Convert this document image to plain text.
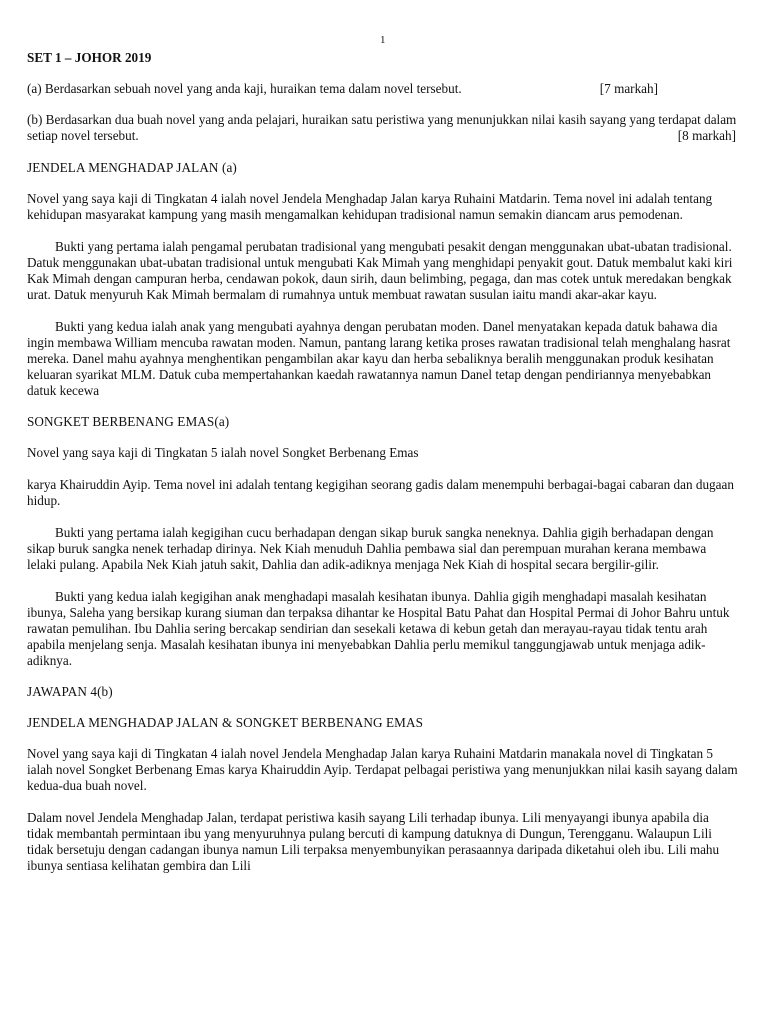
1
SET 1 – JOHOR 2019
(a) Berdasarkan sebuah novel yang anda kaji, huraikan tema dalam novel tersebut.	[7 markah]
(b) Berdasarkan dua buah novel yang anda pelajari, huraikan satu peristiwa yang menunjukkan nilai kasih sayang yang terdapat dalam setiap novel tersebut.	[8 markah]
JENDELA MENGHADAP JALAN (a)

Novel yang saya kaji di Tingkatan 4 ialah novel Jendela Menghadap Jalan karya Ruhaini Matdarin. Tema novel ini adalah tentang kehidupan masyarakat kampung yang masih mengamalkan kehidupan tradisional namun semakin diancam arus pemodenan.

Bukti yang pertama ialah pengamal perubatan tradisional yang mengubati pesakit dengan menggunakan ubat-ubatan tradisional. Datuk menggunakan ubat-ubatan tradisional untuk mengubati Kak Mimah yang menghidapi penyakit gout. Datuk membalut kaki kiri Kak Mimah dengan campuran herba, cendawan pokok, daun sirih, daun belimbing, pegaga, dan mas cotek untuk meredakan bengkak urat. Datuk menyuruh Kak Mimah bermalam di rumahnya untuk membuat rawatan susulan iaitu mandi akar-akar kayu.

Bukti yang kedua ialah anak yang mengubati ayahnya dengan perubatan moden. Danel menyatakan kepada datuk bahawa dia ingin membawa William mencuba rawatan moden. Namun, pantang larang ketika proses rawatan tradisional telah menghalang hasrat mereka. Danel mahu ayahnya menghentikan pengambilan akar kayu dan herba sebaliknya beralih menggunakan produk kesihatan keluaran syarikat MLM. Datuk cuba mempertahankan kaedah rawatannya namun Danel tetap dengan pendiriannya menyebabkan datuk kecewa

SONGKET BERBENANG EMAS(a)

Novel yang saya kaji di Tingkatan 5 ialah novel Songket Berbenang Emas

karya Khairuddin Ayip. Tema novel ini adalah tentang kegigihan seorang gadis dalam menempuhi berbagai-bagai cabaran dan dugaan hidup.

Bukti yang pertama ialah kegigihan cucu berhadapan dengan sikap buruk sangka neneknya. Dahlia gigih berhadapan dengan sikap buruk sangka nenek terhadap dirinya. Nek Kiah menuduh Dahlia pembawa sial dan perempuan murahan kerana membawa lelaki pulang. Apabila Nek Kiah jatuh sakit, Dahlia dan adik-adiknya menjaga Nek Kiah di hospital secara bergilir-gilir.

Bukti yang kedua ialah kegigihan anak menghadapi masalah kesihatan ibunya. Dahlia gigih menghadapi masalah kesihatan ibunya, Saleha yang bersikap kurang siuman dan terpaksa dihantar ke Hospital Batu Pahat dan Hospital Permai di Johor Bahru untuk rawatan pemulihan. Ibu Dahlia sering bercakap sendirian dan sesekali ketawa di kebun getah dan merayau-rayau tidak tentu arah apabila menjelang senja. Masalah kesihatan ibunya ini menyebabkan Dahlia perlu memikul tanggungjawab untuk menjaga adik-adiknya.

JAWAPAN 4(b)
JENDELA MENGHADAP JALAN & SONGKET BERBENANG EMAS

Novel yang saya kaji di Tingkatan 4 ialah novel Jendela Menghadap Jalan karya Ruhaini Matdarin manakala novel di Tingkatan 5 ialah novel Songket Berbenang Emas karya Khairuddin Ayip. Terdapat pelbagai peristiwa yang menunjukkan nilai kasih sayang dalam kedua-dua buah novel.

Dalam novel Jendela Menghadap Jalan, terdapat peristiwa kasih sayang Lili terhadap ibunya. Lili menyayangi ibunya apabila dia tidak membantah permintaan ibu yang menyuruhnya pulang bercuti di kampung datuknya di Dungun, Terengganu. Walaupun Lili tidak bersetuju dengan cadangan ibunya namun Lili terpaksa menyembunyikan perasaannya daripada diketahui oleh ibu. Lili mahu ibunya sentiasa kelihatan gembira dan Lili
